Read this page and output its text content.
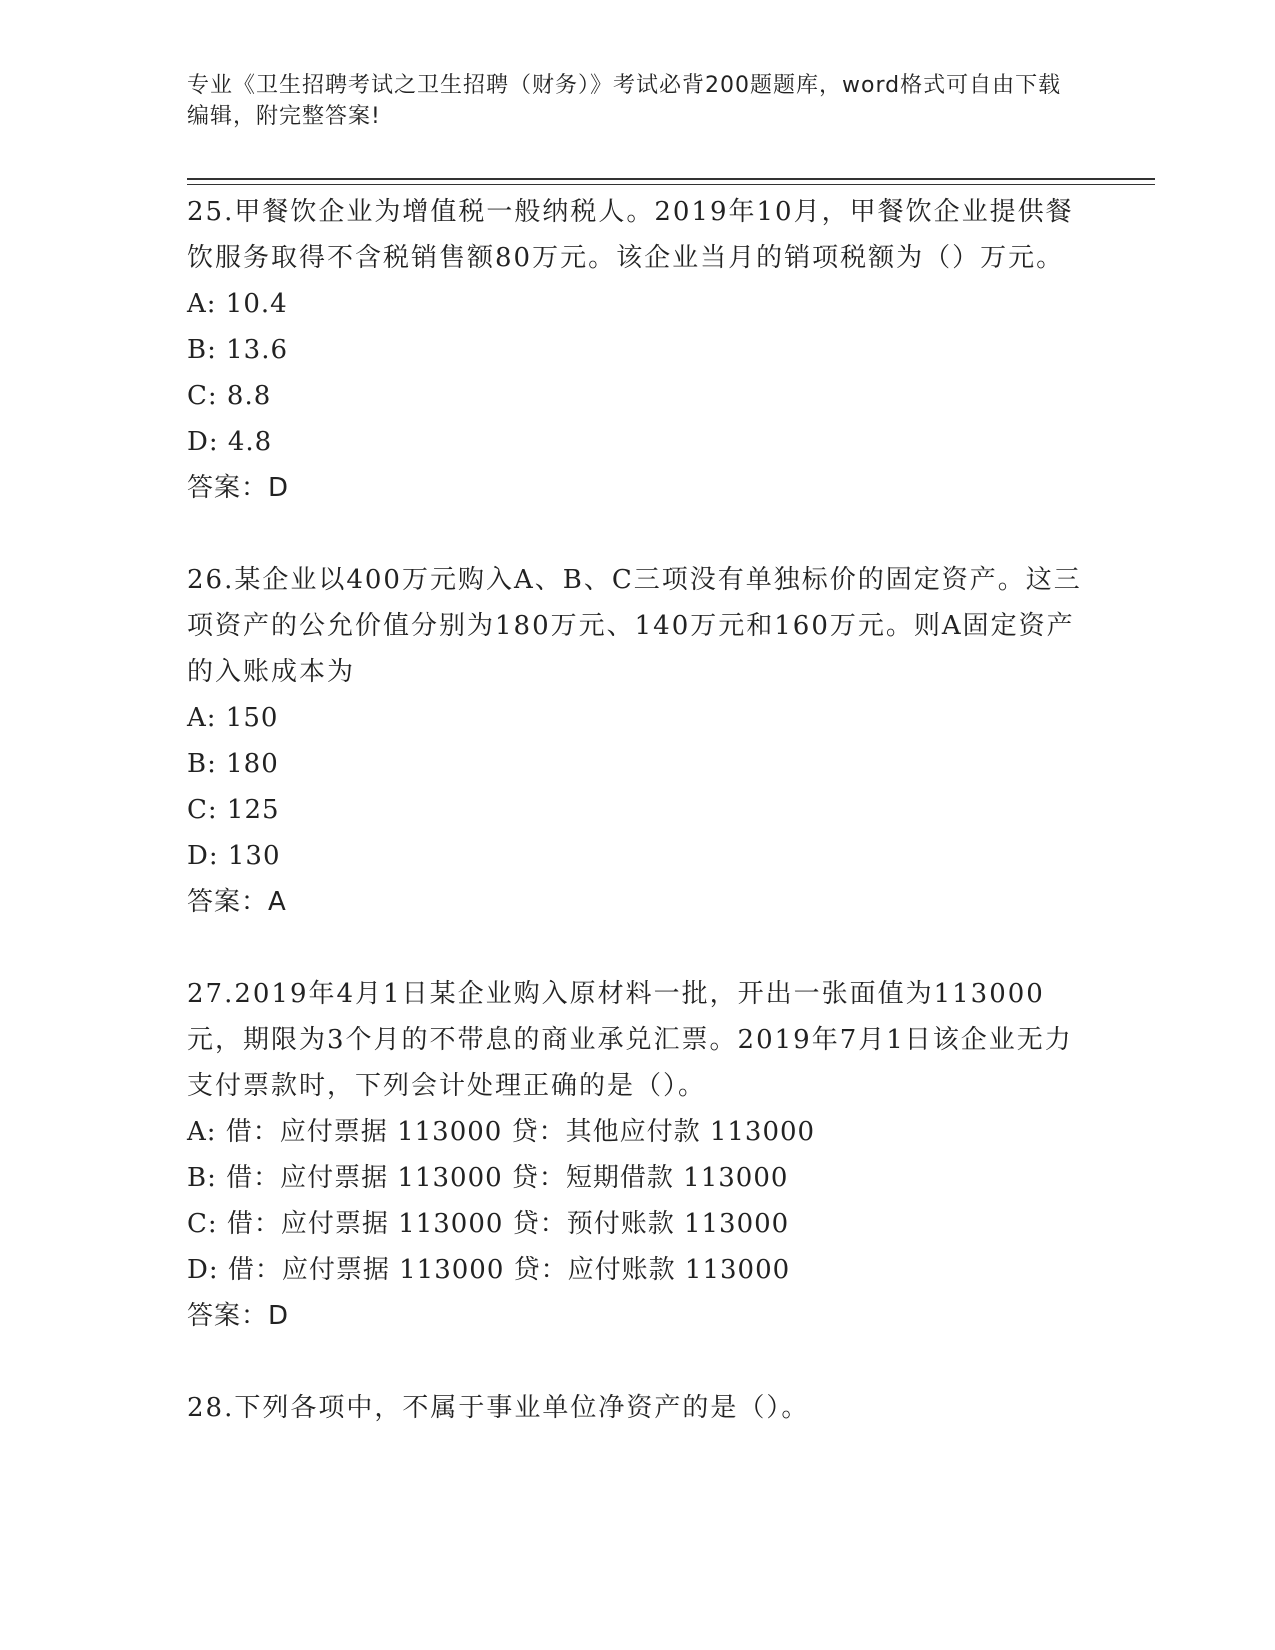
专业《卫生招聘考试之卫生招聘（财务）》考试必背200题题库，word格式可自由下载编辑，附完整答案!
25.甲餐饮企业为增值税一般纳税人。2019年10月，甲餐饮企业提供餐饮服务取得不含税销售额80万元。该企业当月的销项税额为（）万元。
A: 10.4
B: 13.6
C: 8.8
D: 4.8
答案：D
26.某企业以400万元购入A、B、C三项没有单独标价的固定资产。这三项资产的公允价值分别为180万元、140万元和160万元。则A固定资产的入账成本为
A: 150
B: 180
C: 125
D: 130
答案：A
27.2019年4月1日某企业购入原材料一批，开出一张面值为113000元，期限为3个月的不带息的商业承兑汇票。2019年7月1日该企业无力支付票款时，下列会计处理正确的是（）。
A: 借：应付票据 113000 贷：其他应付款 113000
B: 借：应付票据 113000 贷：短期借款 113000
C: 借：应付票据 113000 贷：预付账款 113000
D: 借：应付票据 113000 贷：应付账款 113000
答案：D
28.下列各项中，不属于事业单位净资产的是（）。
